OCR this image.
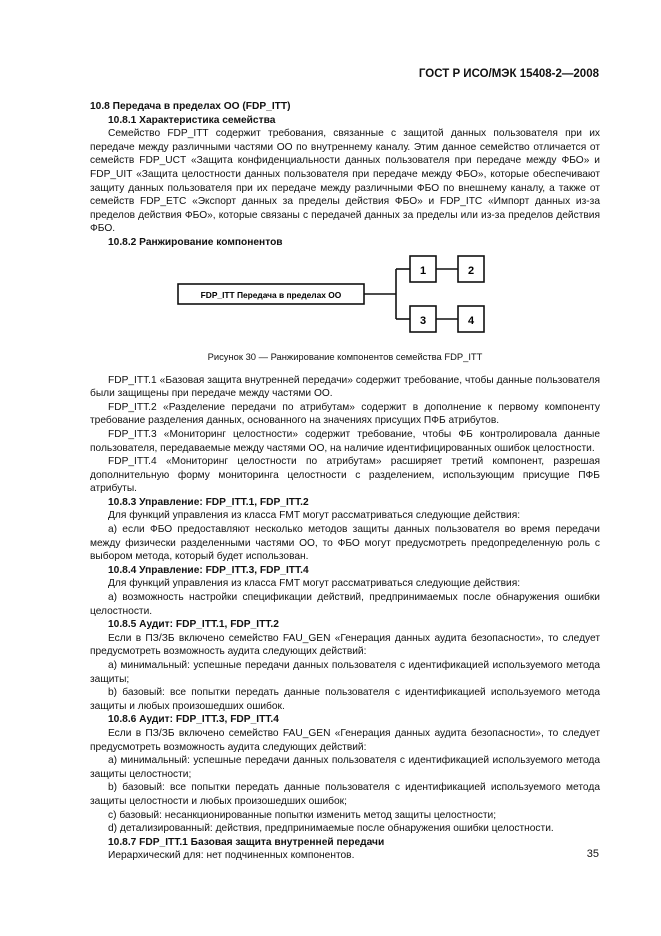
ГОСТ Р ИСО/МЭК 15408-2—2008

10.8 Передача в пределах ОО (FDP_ITT)

10.8.1 Характеристика семейства

Семейство FDP_ITT содержит требования, связанные с защитой данных пользователя при их передаче между различными частями ОО по внутреннему каналу. Этим данное семейство отличается от семейств FDP_UCT «Защита конфиденциальности данных пользователя при передаче между ФБО» и FDP_UIT «Защита целостности данных пользователя при передаче между ФБО», которые обеспечивают защиту данных пользователя при их передаче между различными ФБО по внешнему каналу, а также от семейств FDP_ETC «Экспорт данных за пределы действия ФБО» и FDP_ITC «Импорт данных из-за пределов действия ФБО», которые связаны с передачей данных за пределы или из-за пределов действия ФБО.

10.8.2 Ранжирование компонентов

FDP_ITT Передача в пределах ОО
1	2
3	4
Рисунок 30 — Ранжирование компонентов семейства FDP_ITT

FDP_ITT.1 «Базовая защита внутренней передачи» содержит требование, чтобы данные пользователя были защищены при передаче между частями ОО.

FDP_ITT.2 «Разделение передачи по атрибутам» содержит в дополнение к первому компоненту требование разделения данных, основанного на значениях присущих ПФБ атрибутов.

FDP_ITT.3 «Мониторинг целостности» содержит требование, чтобы ФБ контролировала данные пользователя, передаваемые между частями ОО, на наличие идентифицированных ошибок целостности.

FDP_ITT.4 «Мониторинг целостности по атрибутам» расширяет третий компонент, разрешая дополнительную форму мониторинга целостности с разделением, использующим присущие ПФБ атрибуты.

10.8.3 Управление: FDP_ITT.1, FDP_ITT.2

Для функций управления из класса FMT могут рассматриваться следующие действия:

а) если ФБО предоставляют несколько методов защиты данных пользователя во время передачи между физически разделенными частями ОО, то ФБО могут предусмотреть предопределенную роль с выбором метода, который будет использован.

10.8.4 Управление: FDP_ITT.3, FDP_ITT.4

Для функций управления из класса FMT могут рассматриваться следующие действия:

а) возможность настройки спецификации действий, предпринимаемых после обнаружения ошибки целостности.

10.8.5 Аудит: FDP_ITT.1, FDP_ITT.2

Если в ПЗ/ЗБ включено семейство FAU_GEN «Генерация данных аудита безопасности», то следует предусмотреть возможность аудита следующих действий:

а) минимальный: успешные передачи данных пользователя с идентификацией используемого метода защиты;

b) базовый: все попытки передать данные пользователя с идентификацией используемого метода защиты и любых произошедших ошибок.

10.8.6 Аудит: FDP_ITT.3, FDP_ITT.4

Если в ПЗ/ЗБ включено семейство FAU_GEN «Генерация данных аудита безопасности», то следует предусмотреть возможность аудита следующих действий:

а) минимальный: успешные передачи данных пользователя с идентификацией используемого метода защиты целостности;

b) базовый: все попытки передать данные пользователя с идентификацией используемого метода защиты целостности и любых произошедших ошибок;

c) базовый: несанкционированные попытки изменить метод защиты целостности;

d) детализированный: действия, предпринимаемые после обнаружения ошибки целостности.

10.8.7 FDP_ITT.1 Базовая защита внутренней передачи

Иерархический для: нет подчиненных компонентов.	35
